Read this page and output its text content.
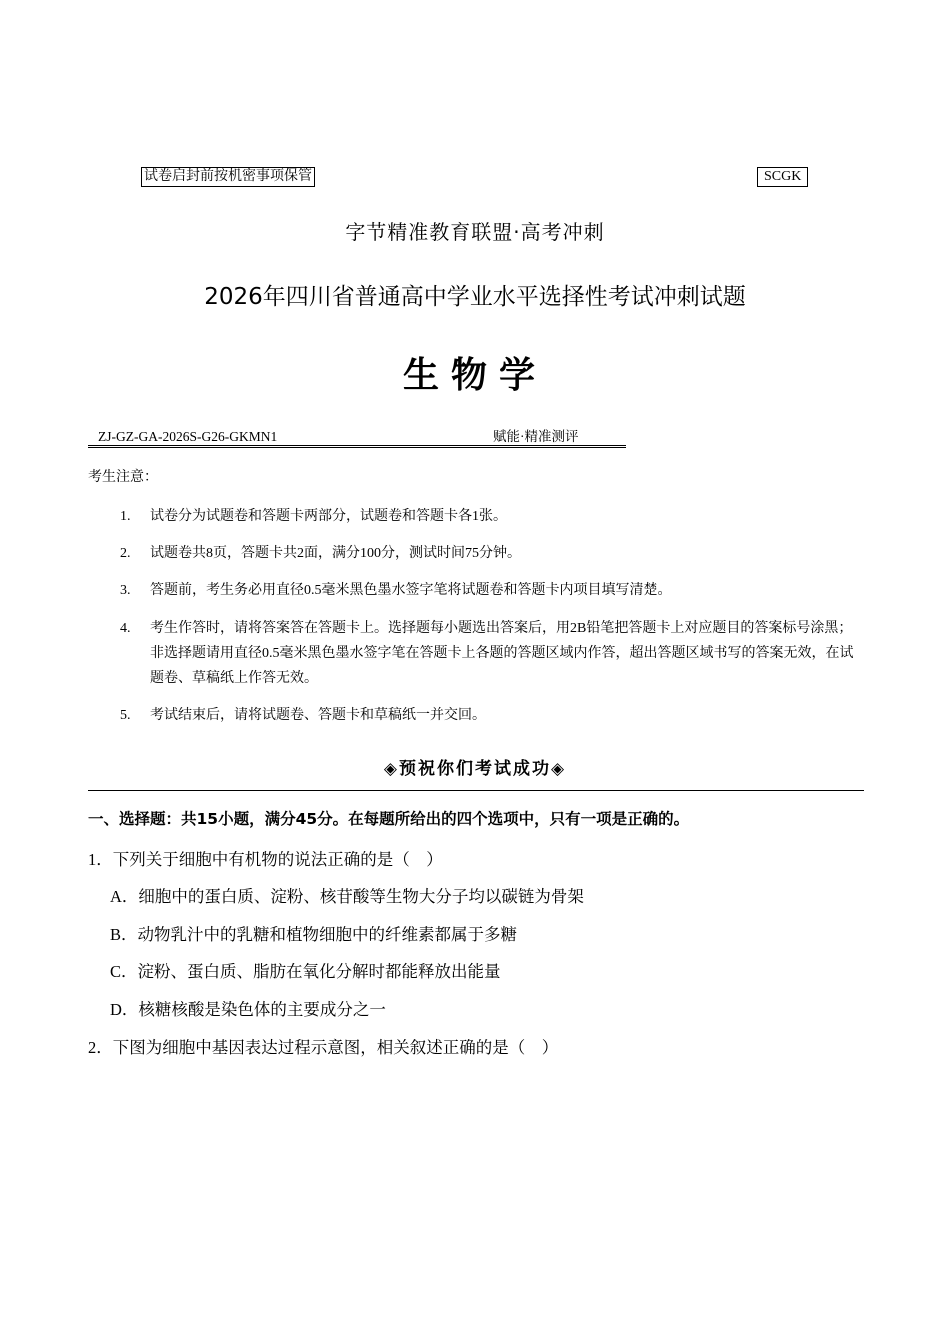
试卷启封前按机密事项保管	SCGK
字节精准教育联盟·高考冲刺
2026年四川省普通高中学业水平选择性考试冲刺试题
生物学
ZJ-GZ-GA-2026S-G26-GKMN1	赋能·精准测评
考生注意：
1. 试卷分为试题卷和答题卡两部分，试题卷和答题卡各1张。
2. 试题卷共8页，答题卡共2面，满分100分，测试时间75分钟。
3. 答题前，考生务必用直径0.5毫米黑色墨水签字笔将试题卷和答题卡内项目填写清楚。
4. 考生作答时，请将答案答在答题卡上。选择题每小题选出答案后，用2B铅笔把答题卡上对应题目的答案标号涂黑；非选择题请用直径0.5毫米黑色墨水签字笔在答题卡上各题的答题区域内作答，超出答题区域书写的答案无效，在试题卷、草稿纸上作答无效。
5. 考试结束后，请将试题卷、答题卡和草稿纸一并交回。
◈预祝你们考试成功◈
一、选择题：共15小题，满分45分。在每题所给出的四个选项中，只有一项是正确的。
1．下列关于细胞中有机物的说法正确的是（　）
A．细胞中的蛋白质、淀粉、核苷酸等生物大分子均以碳链为骨架
B．动物乳汁中的乳糖和植物细胞中的纤维素都属于多糖
C．淀粉、蛋白质、脂肪在氧化分解时都能释放出能量
D．核糖核酸是染色体的主要成分之一
2．下图为细胞中基因表达过程示意图，相关叙述正确的是（　）
